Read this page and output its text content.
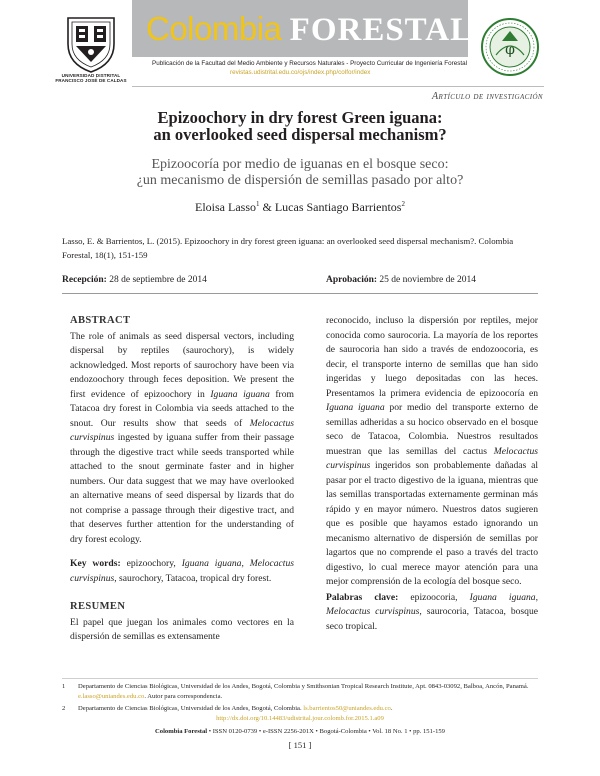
UNIVERSIDAD DISTRITAL FRANCISCO JOSÉ DE CALDAS
Colombia FORESTAL
Publicación de la Facultad del Medio Ambiente y Recursos Naturales - Proyecto Curricular de Ingeniería Forestal
revistas.udistrital.edu.co/ojs/index.php/colfor/index
φ
Artículo de investigación
Epizoochory in dry forest Green iguana:
an overlooked seed dispersal mechanism?
Epizoocoría por medio de iguanas en el bosque seco:
¿un mecanismo de dispersión de semillas pasado por alto?
Eloisa Lasso$^1$ & Lucas Santiago Barrientos$^2$
Lasso, E. & Barrientos, L. (2015). Epizoochory in dry forest green iguana: an overlooked seed dispersal mechanism?. Colombia Forestal, 18(1), 151-159
Recepción: 28 de septiembre de 2014	Aprobación: 25 de noviembre de 2014
ABSTRACT
The role of animals as seed dispersal vectors, including dispersal by reptiles (saurochory), is widely acknowledged. Most reports of saurochory have been via endozoochory through feces deposition. We present the first evidence of epizoochory in Iguana iguana from Tatacoa dry forest in Colombia via seeds attached to the snout. Our results show that seeds of Melocactus curvispinus ingested by iguana suffer from their passage through the digestive tract while seeds transported while attached to the snout germinate faster and in higher numbers. Our data suggest that we may have overlooked an alternative means of seed dispersal by lizards that do not comprise a passage through their digestive tract, and that deserves further attention for the understanding of dry forest ecology.
Key words: epizoochory, Iguana iguana, Melocactus curvispinus, saurochory, Tatacoa, tropical dry forest.
RESUMEN
El papel que juegan los animales como vectores en la dispersión de semillas es extensamente
reconocido, incluso la dispersión por reptiles, mejor conocida como saurocoria. La mayoría de los reportes de saurocoria han sido a través de endozoocoria, es decir, el transporte interno de semillas que han sido ingeridas y luego depositadas con las heces. Presentamos la primera evidencia de epizoocoría en Iguana iguana por medio del transporte externo de semillas adheridas a su hocico observado en el bosque seco de Tatacoa, Colombia. Nuestros resultados muestran que las semillas del cactus Melocactus curvispinus ingeridos son probablemente dañadas al pasar por el tracto digestivo de la iguana, mientras que las semillas transportadas externamente germinan más rápido y en mayor número. Nuestros datos sugieren que es posible que hayamos estado ignorando un mecanismo alternativo de dispersión de semillas por lagartos que no comprende el paso a través del tracto digestivo, lo cual merece mayor atención para una mejor comprensión de la ecología del bosque seco.
Palabras clave: epizoocoria, Iguana iguana, Melocactus curvispinus, saurocoria, Tatacoa, bosque seco tropical.
1 Departamento de Ciencias Biológicas, Universidad de los Andes, Bogotá, Colombia y Smithsonian Tropical Research Institute, Apt. 0843-03092, Balboa, Ancón, Panamá. e.lasso@uniandes.edu.co. Autor para correspondencia.
2 Departamento de Ciencias Biológicas, Universidad de los Andes, Bogotá, Colombia. ls.barrientos50@uniandes.edu.co.
http://dx.doi.org/10.14483/udistrital.jour.colomb.for.2015.1.a09
Colombia Forestal • ISSN 0120-0739 • e-ISSN 2256-201X • Bogotá-Colombia • Vol. 18 No. 1 • pp. 151-159
[ 151 ]
